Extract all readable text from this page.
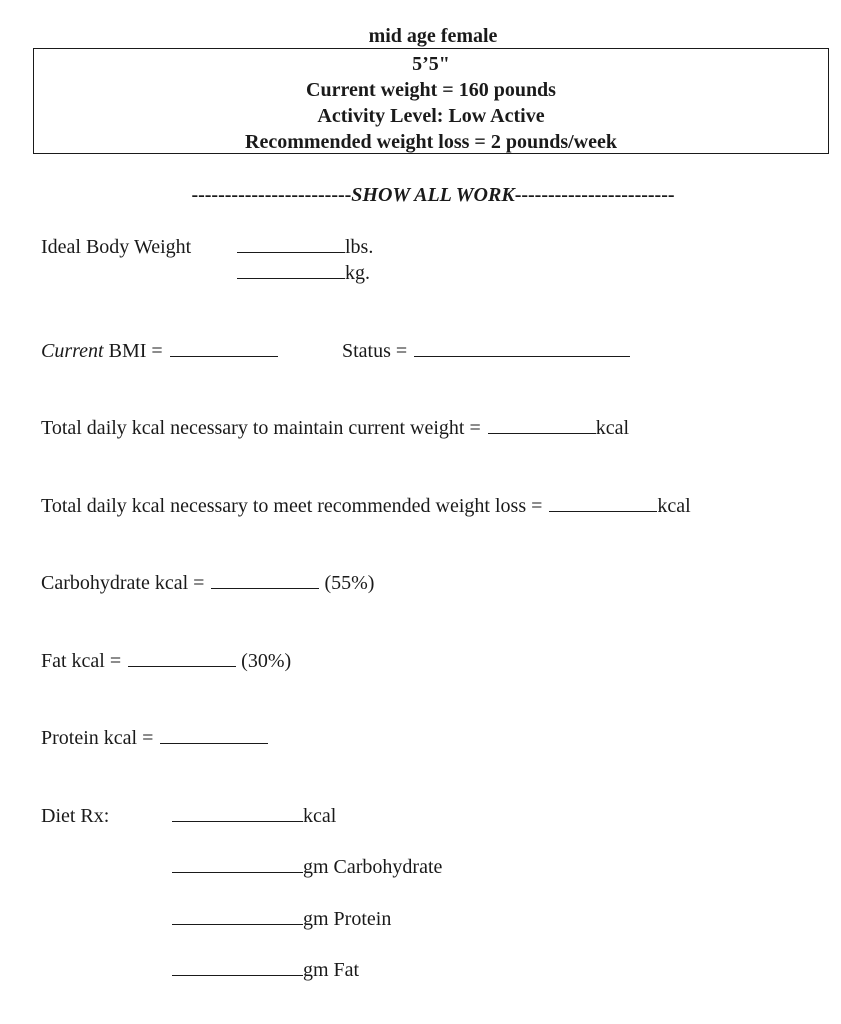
mid age female
5’5"
Current weight = 160 pounds
Activity Level: Low Active
Recommended weight loss = 2 pounds/week
------------------------SHOW ALL WORK------------------------
Ideal Body Weight	lbs.
kg.
Current BMI =	Status =
Total daily kcal necessary to maintain current weight =	kcal
Total daily kcal necessary to meet recommended weight loss =	kcal
Carbohydrate kcal =	(55%)
Fat kcal =	(30%)
Protein kcal =
Diet Rx:	kcal
gm Carbohydrate
gm Protein
gm Fat
